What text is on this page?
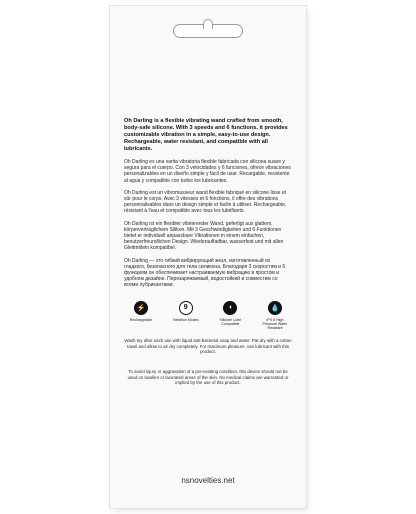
Oh Darling is a flexible vibrating wand crafted from smooth, body-safe silicone. With 3 speeds and 6 functions, it provides customizable vibration in a simple, easy-to-use design. Rechargeable, water resistant, and compatible with all lubricants.

Oh Darling es una varita vibratoria flexible fabricada con silicona suave y segura para el cuerpo. Con 3 velocidades y 6 funciones, ofrece vibraciones personalizables en un diseño simple y fácil de usar. Recargable, resistente al agua y compatible con todos los lubricantes.

Oh Darling est un vibromasseur wand flexible fabriqué en silicone lisse et sûr pour le corps. Avec 3 vitesses et 6 fonctions, il offre des vibrations personnalisables dans un design simple et facile à utiliser. Rechargeable, résistant à l'eau et compatible avec tous les lubrifiants.

Oh Darling ist ein flexibler vibrierender Wand, gefertigt aus glattem, körperverträglichem Silikon. Mit 3 Geschwindigkeiten und 6 Funktionen bietet er individuell anpassbare Vibrationen in einem einfachen, benutzerfreundlichen Design. Wiederaufladbar, wasserfest und mit allen Gleitmitteln kompatibel.

Oh Darling — это гибкий вибрирующий жезл, изготовленный из гладкого, безопасного для тела силикона. Благодаря 3 скоростям и 6 функциям он обеспечивает настраиваемую вибрацию в простом и удобном дизайне. Перезаряжаемый, водостойкий и совместим со всеми лубрикантами.

⚡
Rechargeable
9
Vibration Modes
◖
Silicone Lube Compatible
💧
IPX 6 High Pressure Water Resistant

Wash toy after each use with liquid anti-bacterial soap and water. Pat dry with a cotton towel and allow to air dry completely. For maximum pleasure, use lubricant with this product.

To avoid injury or aggravation of a pre-existing condition, this device should not be used on swollen or lacerated areas of the skin. No medical claims are warranted or implied by the use of this product.

nsnovelties.net
